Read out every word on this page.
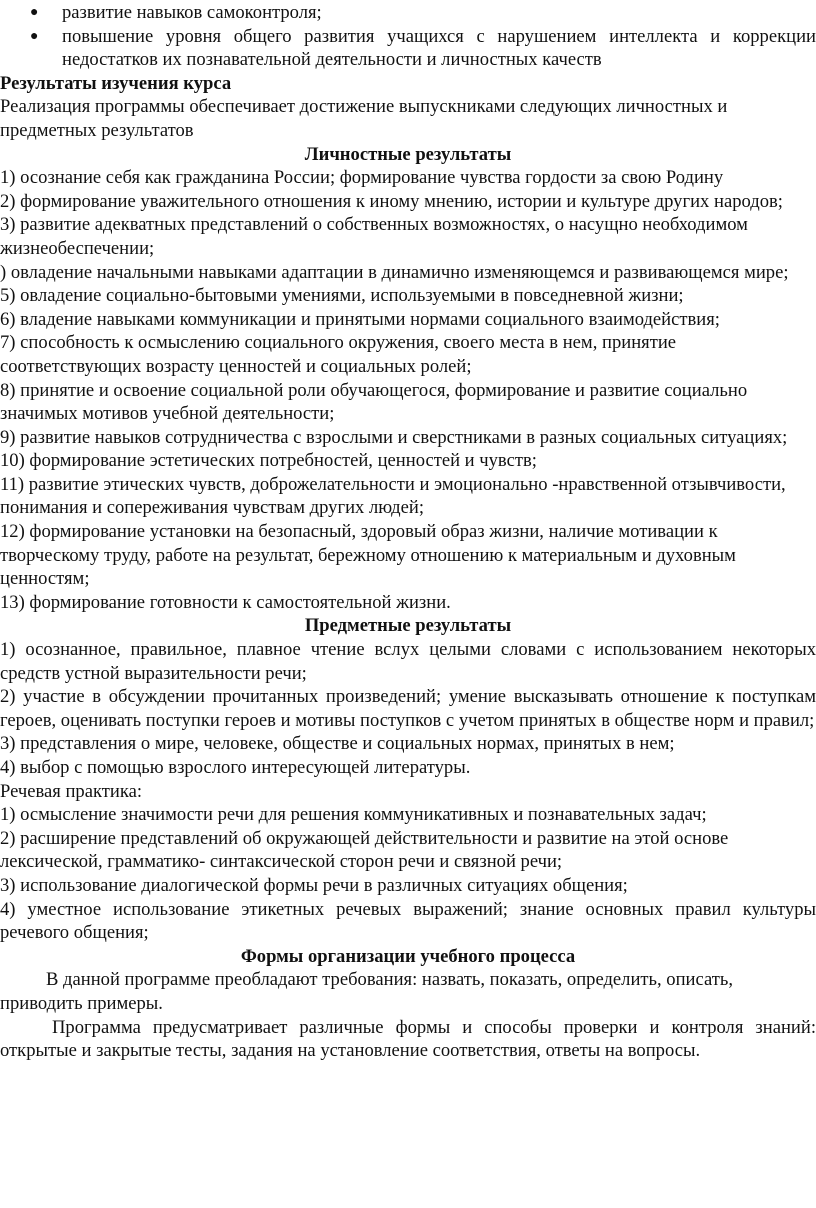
● развитие навыков самоконтроля;
● повышение уровня общего развития учащихся с нарушением интеллекта и коррекции недостатков их познавательной деятельности и личностных качеств

Результаты изучения курса

Реализация программы обеспечивает достижение выпускниками следующих личностных и предметных результатов

Личностные результаты

1) осознание себя как гражданина России; формирование чувства гордости за свою Родину

2) формирование уважительного отношения к иному мнению, истории и культуре других народов;

3) развитие адекватных представлений о собственных возможностях, о насущно необходимом жизнеобеспечении;

) овладение начальными навыками адаптации в динамично изменяющемся и развивающемся мире;

5) овладение социально-бытовыми умениями, используемыми в повседневной жизни;

6) владение навыками коммуникации и принятыми нормами социального взаимодействия;

7) способность к осмыслению социального окружения, своего места в нем, принятие соответствующих возрасту ценностей и социальных ролей;

8) принятие и освоение социальной роли обучающегося, формирование и развитие социально значимых мотивов учебной деятельности;

9) развитие навыков сотрудничества с взрослыми и сверстниками в разных социальных ситуациях;

10) формирование эстетических потребностей, ценностей и чувств;

11) развитие этических чувств, доброжелательности и эмоционально -нравственной отзывчивости, понимания и сопереживания чувствам других людей;

12) формирование установки на безопасный, здоровый образ жизни, наличие мотивации к творческому труду, работе на результат, бережному отношению к материальным и духовным ценностям;

13) формирование готовности к самостоятельной жизни.

Предметные результаты

1) осознанное, правильное, плавное чтение вслух целыми словами с использованием некоторых средств устной выразительности речи;

2) участие в обсуждении прочитанных произведений; умение высказывать отношение к поступкам героев, оценивать поступки героев и мотивы поступков с учетом принятых в обществе норм и правил;

3) представления о мире, человеке, обществе и социальных нормах, принятых в нем;

4) выбор с помощью взрослого интересующей литературы.

Речевая практика:

1) осмысление значимости речи для решения коммуникативных и познавательных задач;

2) расширение представлений об окружающей действительности и развитие на этой основе лексической, грамматико- синтаксической сторон речи и связной речи;

3) использование диалогической формы речи в различных ситуациях общения;

4) уместное использование этикетных речевых выражений; знание основных правил культуры речевого общения;

Формы организации учебного процесса

В данной программе преобладают требования: назвать, показать, определить, описать, приводить примеры.

Программа предусматривает различные формы и способы проверки и контроля знаний: открытые и закрытые тесты, задания на установление соответствия, ответы на вопросы.
